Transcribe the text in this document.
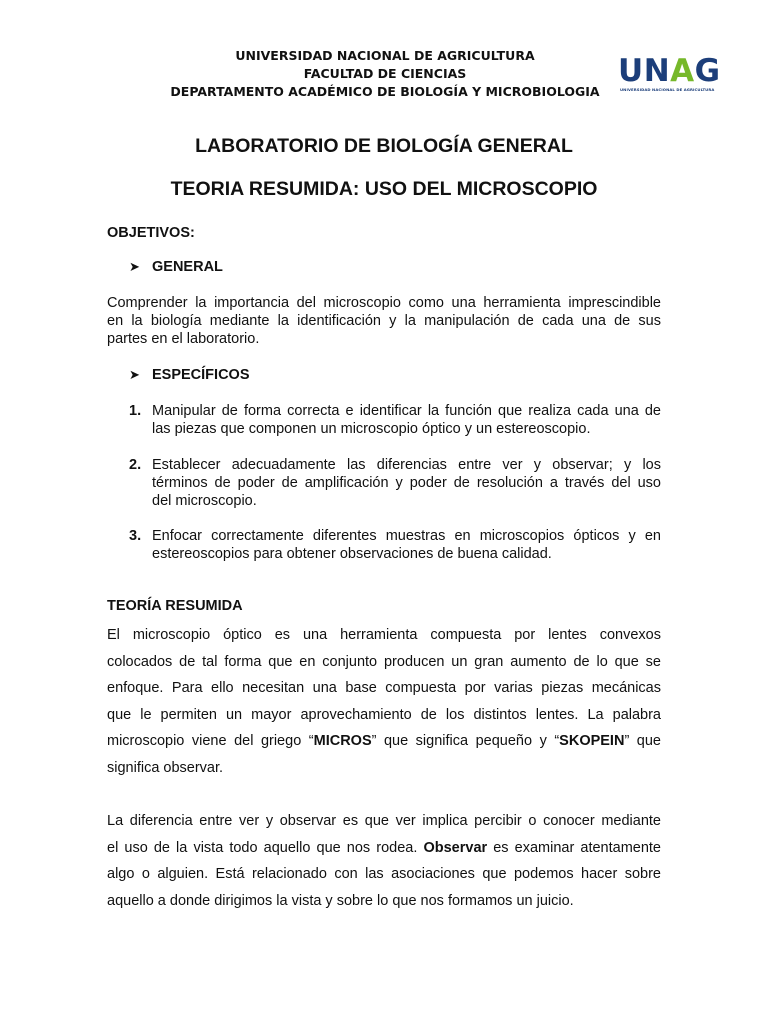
UNIVERSIDAD NACIONAL DE AGRICULTURA
FACULTAD DE CIENCIAS
DEPARTAMENTO ACADÉMICO DE BIOLOGÍA Y MICROBIOLOGIA
UNAG
UNIVERSIDAD NACIONAL DE AGRICULTURA
LABORATORIO DE BIOLOGÍA GENERAL
TEORIA RESUMIDA: USO DEL MICROSCOPIO
OBJETIVOS:
➤ GENERAL
Comprender la importancia del microscopio como una herramienta imprescindible
en la biología mediante la identificación y la manipulación de cada una de sus
partes en el laboratorio.
➤ ESPECÍFICOS
1. Manipular de forma correcta e identificar la función que realiza cada una de
las piezas que componen un microscopio óptico y un estereoscopio.
2. Establecer adecuadamente las diferencias entre ver y observar; y los
términos de poder de amplificación y poder de resolución a través del uso
del microscopio.
3. Enfocar correctamente diferentes muestras en microscopios ópticos y en
estereoscopios para obtener observaciones de buena calidad.
TEORÍA RESUMIDA
El microscopio óptico es una herramienta compuesta por lentes convexos
colocados de tal forma que en conjunto producen un gran aumento de lo que se
enfoque. Para ello necesitan una base compuesta por varias piezas mecánicas
que le permiten un mayor aprovechamiento de los distintos lentes. La palabra
microscopio viene del griego “MICROS” que significa pequeño y “SKOPEIN” que
significa observar.
La diferencia entre ver y observar es que ver implica percibir o conocer mediante
el uso de la vista todo aquello que nos rodea. Observar es examinar atentamente
algo o alguien. Está relacionado con las asociaciones que podemos hacer sobre
aquello a donde dirigimos la vista y sobre lo que nos formamos un juicio.
